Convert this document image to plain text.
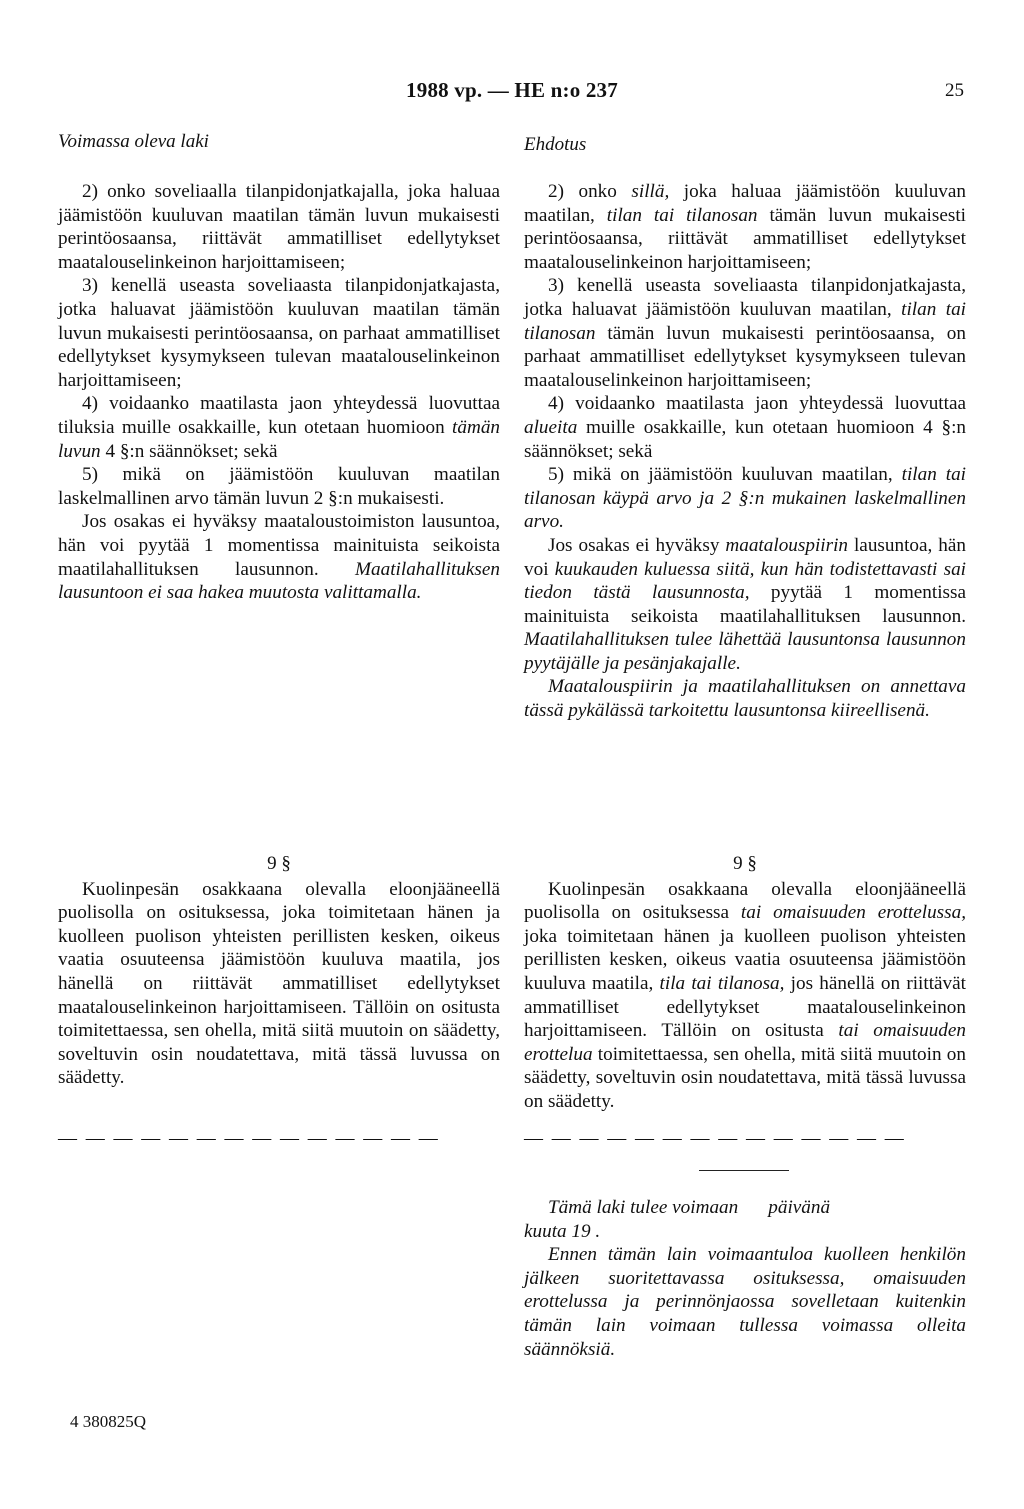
1988 vp. — HE n:o 237	25
Voimassa oleva laki	Ehdotus

2) onko soveliaalla tilanpidonjatkajalla, joka haluaa jäämistöön kuuluvan maatilan tämän luvun mukaisesti perintöosaansa, riittävät ammatilliset edellytykset maatalouselinkeinon harjoittamiseen;

3) kenellä useasta soveliaasta tilanpidonjatkajasta, jotka haluavat jäämistöön kuuluvan maatilan tämän luvun mukaisesti perintöosaansa, on parhaat ammatilliset edellytykset kysymykseen tulevan maatalouselinkeinon harjoittamiseen;

4) voidaanko maatilasta jaon yhteydessä luovuttaa tiluksia muille osakkaille, kun otetaan huomioon tämän luvun 4 §:n säännökset; sekä

5) mikä on jäämistöön kuuluvan maatilan laskelmallinen arvo tämän luvun 2 §:n mukaisesti.

Jos osakas ei hyväksy maataloustoimiston lausuntoa, hän voi pyytää 1 momentissa mainituista seikoista maatilahallituksen lausunnon. Maatilahallituksen lausuntoon ei saa hakea muutosta valittamalla.

2) onko sillä, joka haluaa jäämistöön kuuluvan maatilan, tilan tai tilanosan tämän luvun mukaisesti perintöosaansa, riittävät ammatilliset edellytykset maatalouselinkeinon harjoittamiseen;

3) kenellä useasta soveliaasta tilanpidonjatkajasta, jotka haluavat jäämistöön kuuluvan maatilan, tilan tai tilanosan tämän luvun mukaisesti perintöosaansa, on parhaat ammatilliset edellytykset kysymykseen tulevan maatalouselinkeinon harjoittamiseen;

4) voidaanko maatilasta jaon yhteydessä luovuttaa alueita muille osakkaille, kun otetaan huomioon 4 §:n säännökset; sekä

5) mikä on jäämistöön kuuluvan maatilan, tilan tai tilanosan käypä arvo ja 2 §:n mukainen laskelmallinen arvo.

Jos osakas ei hyväksy maatalouspiirin lausuntoa, hän voi kuukauden kuluessa siitä, kun hän todistettavasti sai tiedon tästä lausunnosta, pyytää 1 momentissa mainituista seikoista maatilahallituksen lausunnon. Maatilahallituksen tulee lähettää lausuntonsa lausunnon pyytäjälle ja pesänjakajalle.

Maatalouspiirin ja maatilahallituksen on annettava tässä pykälässä tarkoitettu lausuntonsa kiireellisenä.

9 §

Kuolinpesän osakkaana olevalla eloonjääneellä puolisolla on osituksessa, joka toimitetaan hänen ja kuolleen puolison yhteisten perillisten kesken, oikeus vaatia osuuteensa jäämistöön kuuluva maatila, jos hänellä on riittävät ammatilliset edellytykset maatalouselinkeinon harjoittamiseen. Tällöin on ositusta toimitettaessa, sen ohella, mitä siitä muutoin on säädetty, soveltuvin osin noudatettava, mitä tässä luvussa on säädetty.

— — — — — — — — — — — — — —
9 §

Kuolinpesän osakkaana olevalla eloonjääneellä puolisolla on osituksessa tai omaisuuden erottelussa, joka toimitetaan hänen ja kuolleen puolison yhteisten perillisten kesken, oikeus vaatia osuuteensa jäämistöön kuuluva maatila, tila tai tilanosa, jos hänellä on riittävät ammatilliset edellytykset maatalouselinkeinon harjoittamiseen. Tällöin on ositusta tai omaisuuden erottelua toimitettaessa, sen ohella, mitä siitä muutoin on säädetty, soveltuvin osin noudatettava, mitä tässä luvussa on säädetty.

— — — — — — — — — — — — — —

Tämä laki tulee voimaan päivänä

kuuta 19 .

Ennen tämän lain voimaantuloa kuolleen henkilön jälkeen suoritettavassa osituksessa, omaisuuden erottelussa ja perinnönjaossa sovelletaan kuitenkin tämän lain voimaan tullessa voimassa olleita säännöksiä.

4 380825Q
